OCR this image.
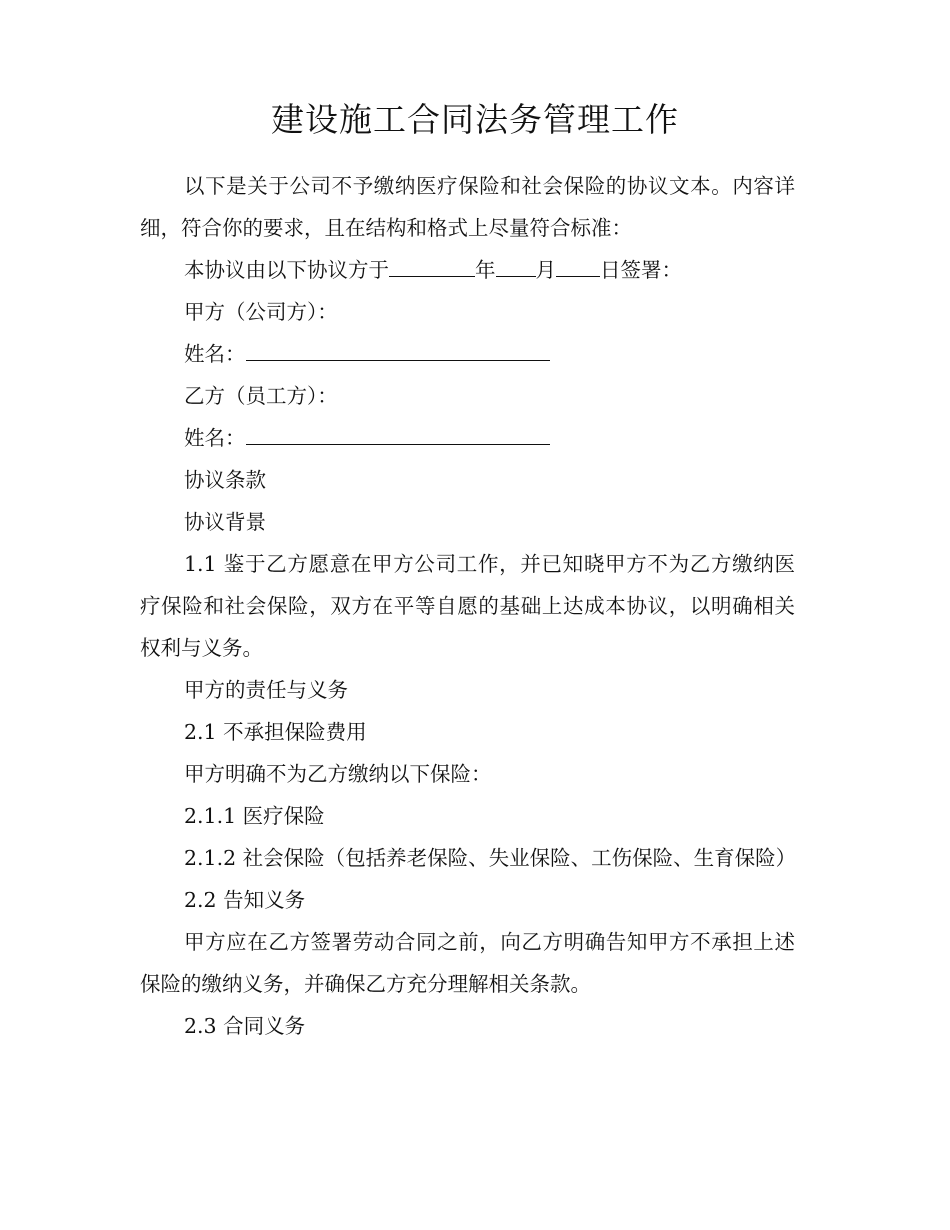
建设施工合同法务管理工作

以下是关于公司不予缴纳医疗保险和社会保险的协议文本。内容详细，符合你的要求，且在结构和格式上尽量符合标准：

本协议由以下协议方于	年 月 日签署：

甲方（公司方）：

姓名：

乙方（员工方）：

姓名：

协议条款

协议背景

1.1 鉴于乙方愿意在甲方公司工作，并已知晓甲方不为乙方缴纳医疗保险和社会保险，双方在平等自愿的基础上达成本协议，以明确相关权利与义务。

甲方的责任与义务

2.1 不承担保险费用

甲方明确不为乙方缴纳以下保险：

2.1.1 医疗保险

2.1.2 社会保险（包括养老保险、失业保险、工伤保险、生育保险）

2.2 告知义务

甲方应在乙方签署劳动合同之前，向乙方明确告知甲方不承担上述保险的缴纳义务，并确保乙方充分理解相关条款。

2.3 合同义务
